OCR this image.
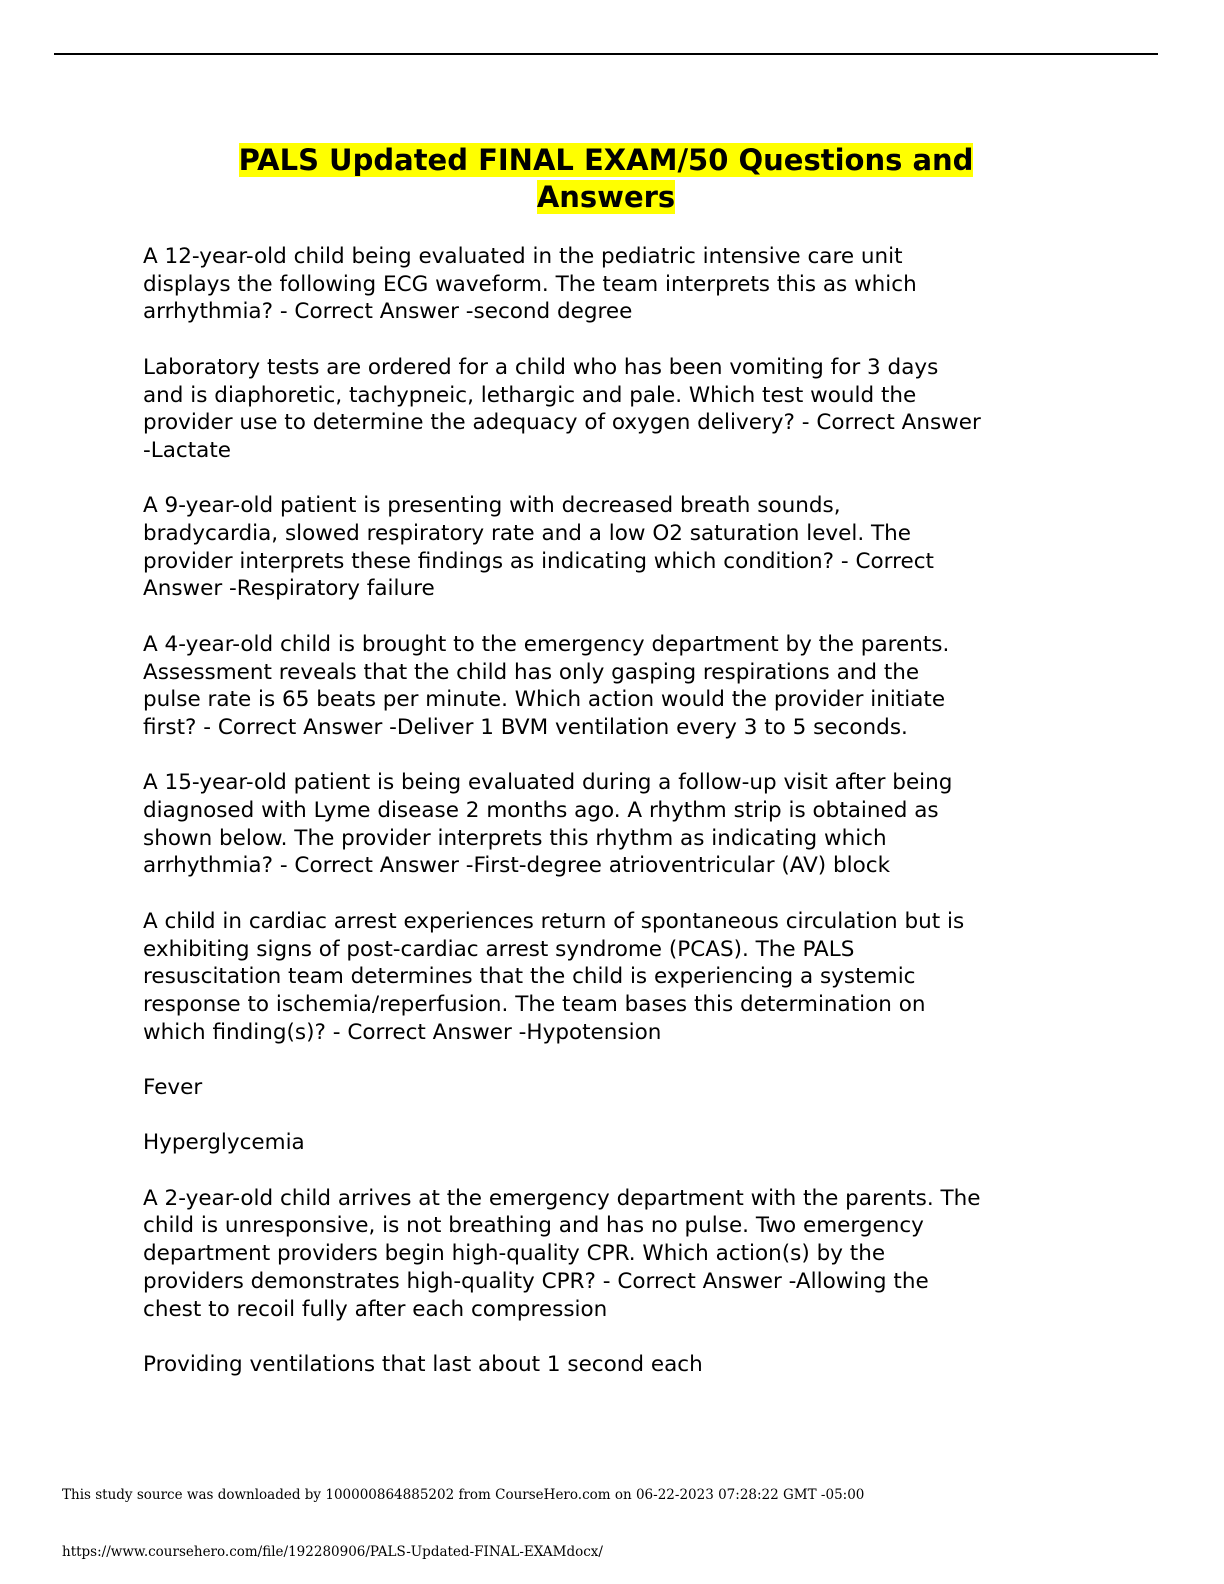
PALS Updated FINAL EXAM/50 Questions and
Answers

A 12-year-old child being evaluated in the pediatric intensive care unit
displays the following ECG waveform. The team interprets this as which
arrhythmia? - Correct Answer -second degree

Laboratory tests are ordered for a child who has been vomiting for 3 days
and is diaphoretic, tachypneic, lethargic and pale. Which test would the
provider use to determine the adequacy of oxygen delivery? - Correct Answer
-Lactate

A 9-year-old patient is presenting with decreased breath sounds,
bradycardia, slowed respiratory rate and a low O2 saturation level. The
provider interprets these findings as indicating which condition? - Correct
Answer -Respiratory failure

A 4-year-old child is brought to the emergency department by the parents.
Assessment reveals that the child has only gasping respirations and the
pulse rate is 65 beats per minute. Which action would the provider initiate
first? - Correct Answer -Deliver 1 BVM ventilation every 3 to 5 seconds.

A 15-year-old patient is being evaluated during a follow-up visit after being
diagnosed with Lyme disease 2 months ago. A rhythm strip is obtained as
shown below. The provider interprets this rhythm as indicating which
arrhythmia? - Correct Answer -First-degree atrioventricular (AV) block

A child in cardiac arrest experiences return of spontaneous circulation but is
exhibiting signs of post-cardiac arrest syndrome (PCAS). The PALS
resuscitation team determines that the child is experiencing a systemic
response to ischemia/reperfusion. The team bases this determination on
which finding(s)? - Correct Answer -Hypotension

Fever

Hyperglycemia

A 2-year-old child arrives at the emergency department with the parents. The
child is unresponsive, is not breathing and has no pulse. Two emergency
department providers begin high-quality CPR. Which action(s) by the
providers demonstrates high-quality CPR? - Correct Answer -Allowing the
chest to recoil fully after each compression

Providing ventilations that last about 1 second each

This study source was downloaded by 100000864885202 from CourseHero.com on 06-22-2023 07:28:22 GMT -05:00
https://www.coursehero.com/file/192280906/PALS-Updated-FINAL-EXAMdocx/
